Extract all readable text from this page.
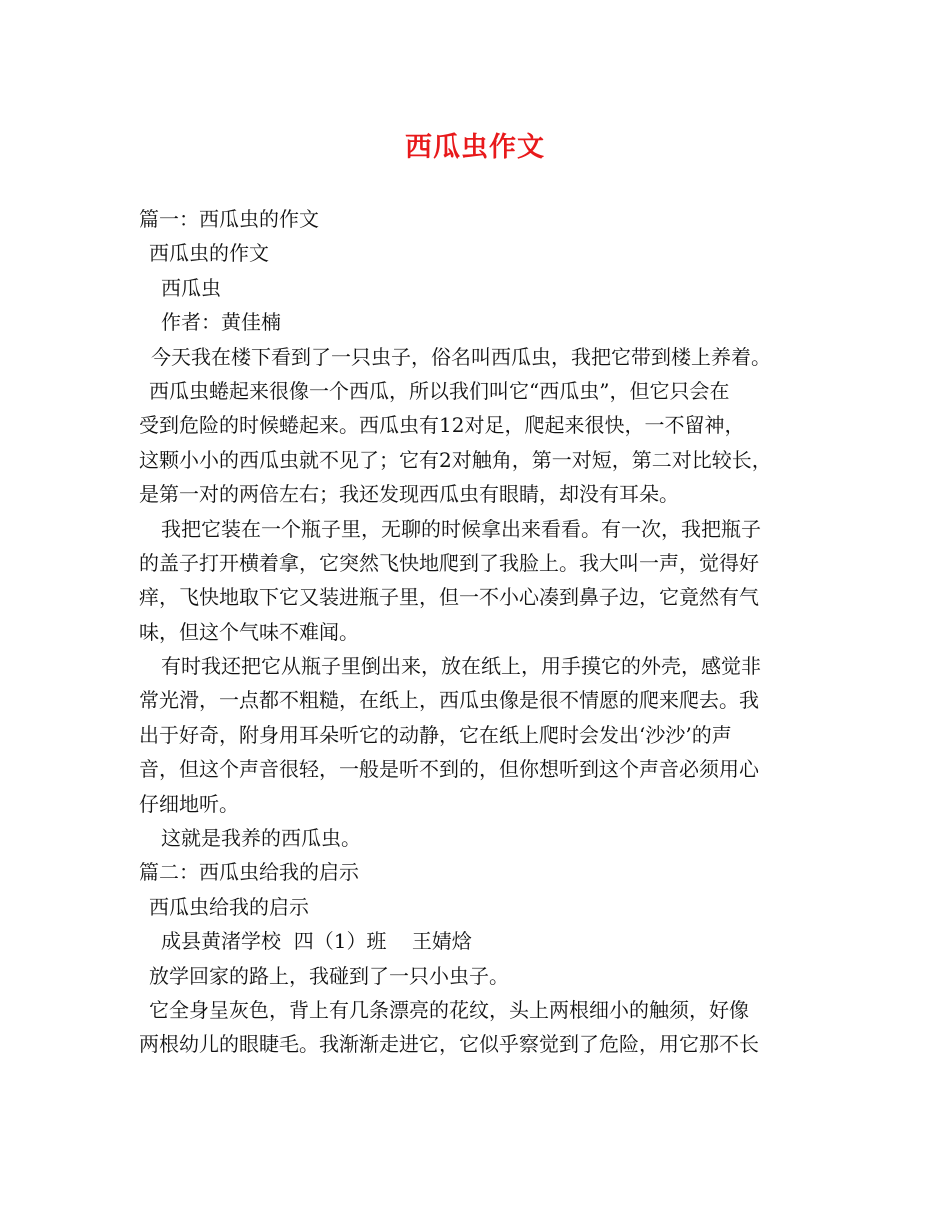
西瓜虫作文
篇一：西瓜虫的作文
西瓜虫的作文
西瓜虫
作者：黄佳楠
今天我在楼下看到了一只虫子，俗名叫西瓜虫，我把它带到楼上养着。
西瓜虫蜷起来很像一个西瓜，所以我们叫它“西瓜虫”，但它只会在
受到危险的时候蜷起来。西瓜虫有12对足，爬起来很快，一不留神，
这颗小小的西瓜虫就不见了；它有2对触角，第一对短，第二对比较长，
是第一对的两倍左右；我还发现西瓜虫有眼睛，却没有耳朵。
我把它装在一个瓶子里，无聊的时候拿出来看看。有一次，我把瓶子
的盖子打开横着拿，它突然飞快地爬到了我脸上。我大叫一声，觉得好
痒，飞快地取下它又装进瓶子里，但一不小心凑到鼻子边，它竟然有气
味，但这个气味不难闻。
有时我还把它从瓶子里倒出来，放在纸上，用手摸它的外壳，感觉非
常光滑，一点都不粗糙，在纸上，西瓜虫像是很不情愿的爬来爬去。我
出于好奇，附身用耳朵听它的动静，它在纸上爬时会发出‘沙沙’的声
音，但这个声音很轻，一般是听不到的，但你想听到这个声音必须用心
仔细地听。
这就是我养的西瓜虫。
篇二：西瓜虫给我的启示
西瓜虫给我的启示
成县黄渚学校  四（1）班    王婧焓
放学回家的路上，我碰到了一只小虫子。
它全身呈灰色，背上有几条漂亮的花纹，头上两根细小的触须，好像
两根幼儿的眼睫毛。我渐渐走进它，它似乎察觉到了危险，用它那不长
